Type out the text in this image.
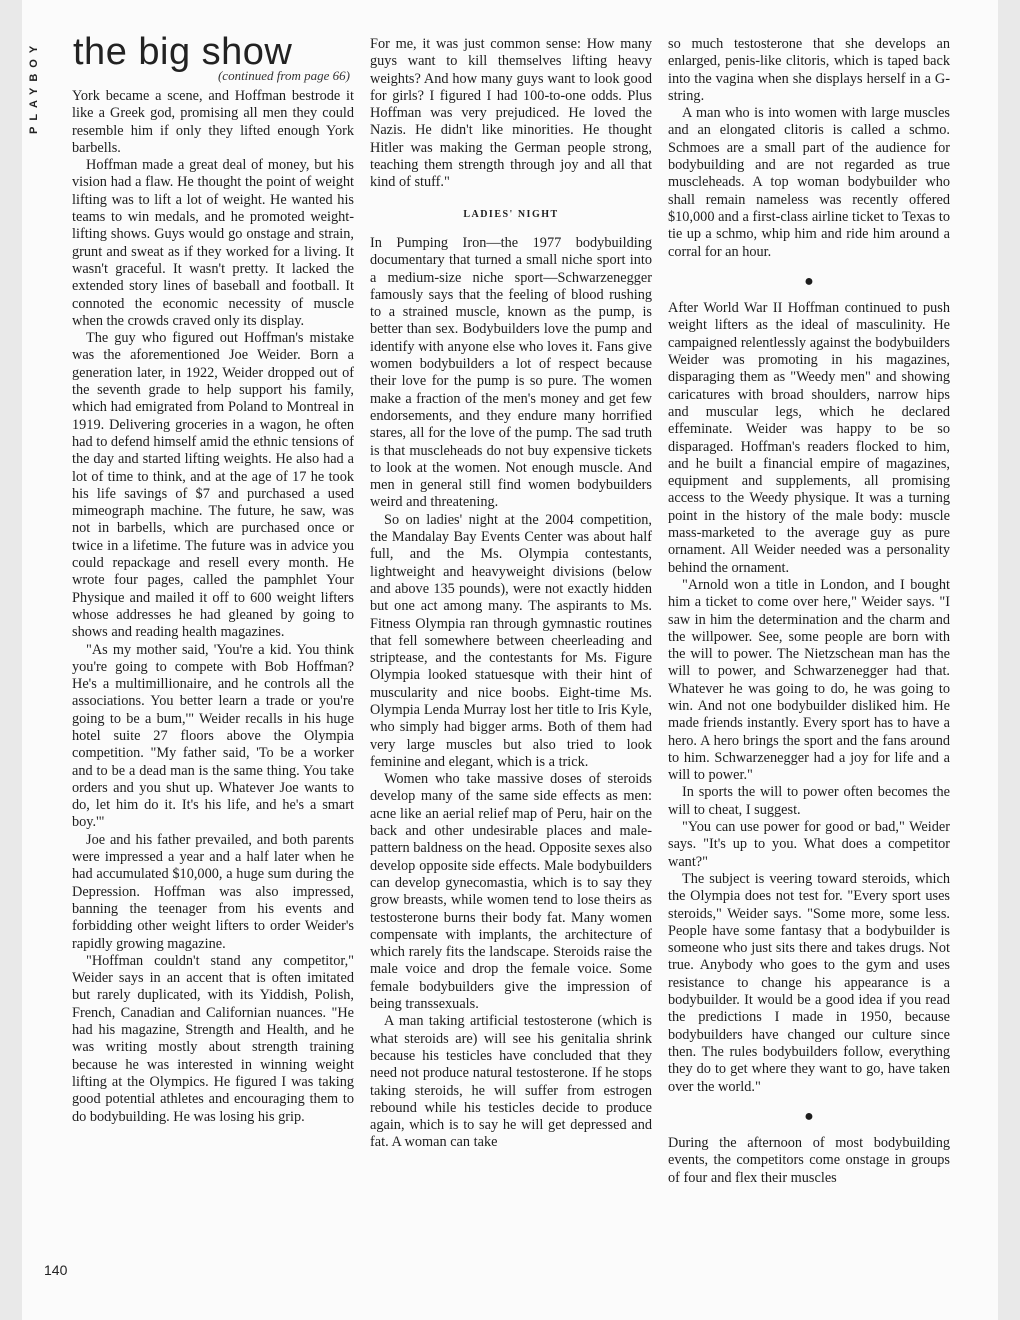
PLAYBOY the big show
(continued from page 66)

York became a scene, and Hoffman bestrode it like a Greek god, promising all men they could resemble him if only they lifted enough York barbells.

Hoffman made a great deal of money, but his vision had a flaw. He thought the point of weight lifting was to lift a lot of weight. He wanted his teams to win medals, and he promoted weight-lifting shows. Guys would go onstage and strain, grunt and sweat as if they worked for a living. It wasn't graceful. It wasn't pretty. It lacked the extended story lines of baseball and football. It connoted the economic necessity of muscle when the crowds craved only its display.

The guy who figured out Hoffman's mistake was the aforementioned Joe Weider. Born a generation later, in 1922, Weider dropped out of the seventh grade to help support his family, which had emigrated from Poland to Montreal in 1919. Delivering groceries in a wagon, he often had to defend himself amid the ethnic tensions of the day and started lifting weights. He also had a lot of time to think, and at the age of 17 he took his life savings of $7 and purchased a used mimeograph machine. The future, he saw, was not in barbells, which are purchased once or twice in a lifetime. The future was in advice you could repackage and resell every month. He wrote four pages, called the pamphlet Your Physique and mailed it off to 600 weight lifters whose addresses he had gleaned by going to shows and reading health magazines.

"As my mother said, 'You're a kid. You think you're going to compete with Bob Hoffman? He's a multimillionaire, and he controls all the associations. You better learn a trade or you're going to be a bum,'" Weider recalls in his huge hotel suite 27 floors above the Olympia competition. "My father said, 'To be a worker and to be a dead man is the same thing. You take orders and you shut up. Whatever Joe wants to do, let him do it. It's his life, and he's a smart boy.'"

Joe and his father prevailed, and both parents were impressed a year and a half later when he had accumulated $10,000, a huge sum during the Depression. Hoffman was also impressed, banning the teenager from his events and forbidding other weight lifters to order Weider's rapidly growing magazine.

"Hoffman couldn't stand any competitor," Weider says in an accent that is often imitated but rarely duplicated, with its Yiddish, Polish, French, Canadian and Californian nuances. "He had his magazine, Strength and Health, and he was writing mostly about strength training because he was interested in winning weight lifting at the Olympics. He figured I was taking good potential athletes and encouraging them to do bodybuilding. He was losing his grip.

For me, it was just common sense: How many guys want to kill themselves lifting heavy weights? And how many guys want to look good for girls? I figured I had 100-to-one odds. Plus Hoffman was very prejudiced. He loved the Nazis. He didn't like minorities. He thought Hitler was making the German people strong, teaching them strength through joy and all that kind of stuff."

LADIES' NIGHT

In Pumping Iron—the 1977 bodybuilding documentary that turned a small niche sport into a medium-size niche sport—Schwarzenegger famously says that the feeling of blood rushing to a strained muscle, known as the pump, is better than sex. Bodybuilders love the pump and identify with anyone else who loves it. Fans give women bodybuilders a lot of respect because their love for the pump is so pure. The women make a fraction of the men's money and get few endorsements, and they endure many horrified stares, all for the love of the pump. The sad truth is that muscleheads do not buy expensive tickets to look at the women. Not enough muscle. And men in general still find women bodybuilders weird and threatening.

So on ladies' night at the 2004 competition, the Mandalay Bay Events Center was about half full, and the Ms. Olympia contestants, lightweight and heavyweight divisions (below and above 135 pounds), were not exactly hidden but one act among many. The aspirants to Ms. Fitness Olympia ran through gymnastic routines that fell somewhere between cheerleading and striptease, and the contestants for Ms. Figure Olympia looked statuesque with their hint of muscularity and nice boobs. Eight-time Ms. Olympia Lenda Murray lost her title to Iris Kyle, who simply had bigger arms. Both of them had very large muscles but also tried to look feminine and elegant, which is a trick.

Women who take massive doses of steroids develop many of the same side effects as men: acne like an aerial relief map of Peru, hair on the back and other undesirable places and male-pattern baldness on the head. Opposite sexes also develop opposite side effects. Male bodybuilders can develop gynecomastia, which is to say they grow breasts, while women tend to lose theirs as testosterone burns their body fat. Many women compensate with implants, the architecture of which rarely fits the landscape. Steroids raise the male voice and drop the female voice. Some female bodybuilders give the impression of being transsexuals.

A man taking artificial testosterone (which is what steroids are) will see his genitalia shrink because his testicles have concluded that they need not produce natural testosterone. If he stops taking steroids, he will suffer from estrogen rebound while his testicles decide to produce again, which is to say he will get depressed and fat. A woman can take

so much testosterone that she develops an enlarged, penis-like clitoris, which is taped back into the vagina when she displays herself in a G-string.

A man who is into women with large muscles and an elongated clitoris is called a schmo. Schmoes are a small part of the audience for bodybuilding and are not regarded as true muscleheads. A top woman bodybuilder who shall remain nameless was recently offered $10,000 and a first-class airline ticket to Texas to tie up a schmo, whip him and ride him around a corral for an hour.

●

After World War II Hoffman continued to push weight lifters as the ideal of masculinity. He campaigned relentlessly against the bodybuilders Weider was promoting in his magazines, disparaging them as "Weedy men" and showing caricatures with broad shoulders, narrow hips and muscular legs, which he declared effeminate. Weider was happy to be so disparaged. Hoffman's readers flocked to him, and he built a financial empire of magazines, equipment and supplements, all promising access to the Weedy physique. It was a turning point in the history of the male body: muscle mass-marketed to the average guy as pure ornament. All Weider needed was a personality behind the ornament.

"Arnold won a title in London, and I bought him a ticket to come over here," Weider says. "I saw in him the determination and the charm and the willpower. See, some people are born with the will to power. The Nietzschean man has the will to power, and Schwarzenegger had that. Whatever he was going to do, he was going to win. And not one bodybuilder disliked him. He made friends instantly. Every sport has to have a hero. A hero brings the sport and the fans around to him. Schwarzenegger had a joy for life and a will to power."

In sports the will to power often becomes the will to cheat, I suggest.

"You can use power for good or bad," Weider says. "It's up to you. What does a competitor want?"

The subject is veering toward steroids, which the Olympia does not test for. "Every sport uses steroids," Weider says. "Some more, some less. People have some fantasy that a bodybuilder is someone who just sits there and takes drugs. Not true. Anybody who goes to the gym and uses resistance to change his appearance is a bodybuilder. It would be a good idea if you read the predictions I made in 1950, because bodybuilders have changed our culture since then. The rules bodybuilders follow, everything they do to get where they want to go, have taken over the world."

●

During the afternoon of most bodybuilding events, the competitors come onstage in groups of four and flex their muscles

140
